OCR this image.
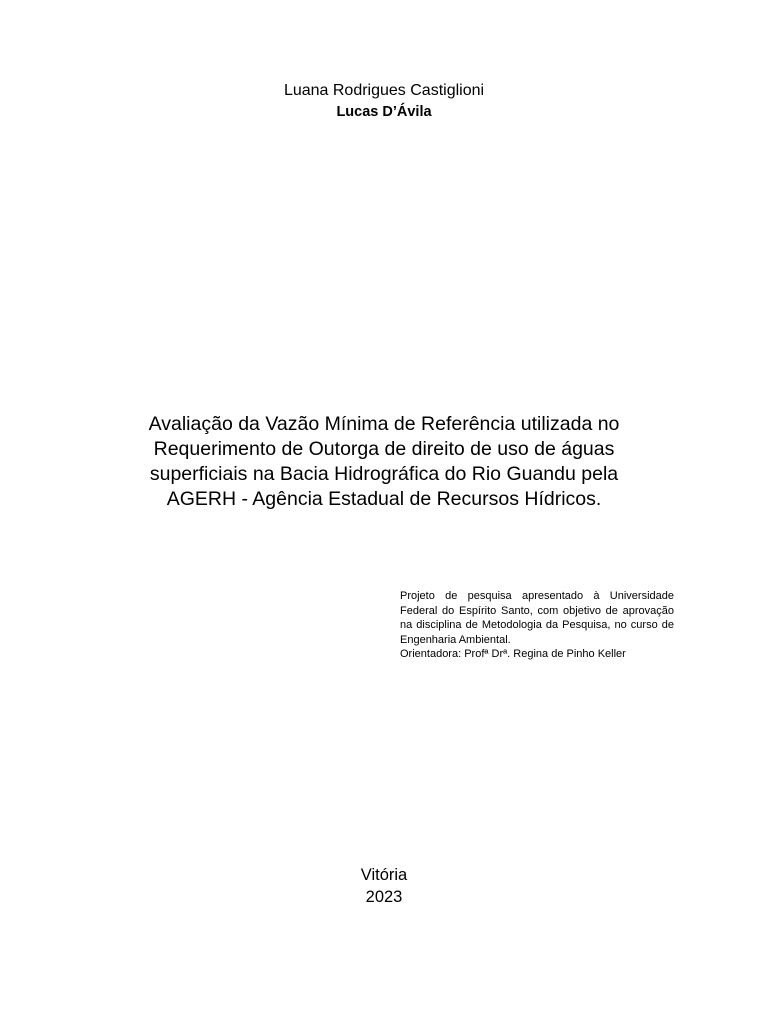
Luana Rodrigues Castiglioni
Lucas D’Ávila
Avaliação da Vazão Mínima de Referência utilizada no
Requerimento de Outorga de direito de uso de águas
superficiais na Bacia Hidrográfica do Rio Guandu pela
AGERH - Agência Estadual de Recursos Hídricos.
Projeto de pesquisa apresentado à Universidade Federal do Espírito Santo, com objetivo de aprovação na disciplina de Metodologia da Pesquisa, no curso de Engenharia Ambiental.
Orientadora: Profª Drª. Regina de Pinho Keller
Vitória
2023
